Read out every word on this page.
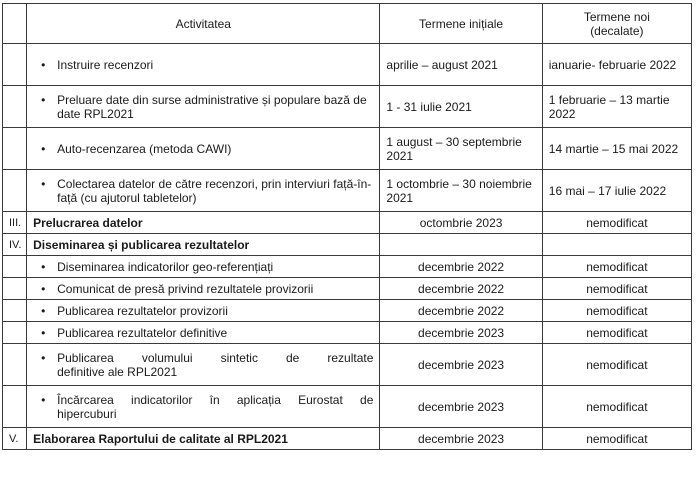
	Activitatea	Termene inițiale	Termene noi
(decalate)

	• Instruire recenzori	aprilie – august 2021	ianuarie- februarie 2022

	• Preluare date din surse administrative și populare bază de date RPL2021	1 - 31 iulie 2021	1 februarie – 13 martie 2022

	• Auto-recenzarea (metoda CAWI)	1 august – 30 septembrie 2021	14 martie – 15 mai 2022

	• Colectarea datelor de către recenzori, prin interviuri față-în-față (cu ajutorul tabletelor)	1 octombrie – 30 noiembrie 2021	16 mai – 17 iulie 2022
III.	Prelucrarea datelor	octombrie 2023	nemodificat
IV.	Diseminarea și publicarea rezultatelor		

	• Diseminarea indicatorilor geo-referențiați	decembrie 2022	nemodificat

	• Comunicat de presă privind rezultatele provizorii	decembrie 2022	nemodificat

	• Publicarea rezultatelor provizorii	decembrie 2022	nemodificat

	• Publicarea rezultatelor definitive	decembrie 2023	nemodificat

	• Publicarea volumului sintetic de rezultate
definitive ale RPL2021	decembrie 2023	nemodificat

	• Încărcarea indicatorilor în aplicația Eurostat de
hipercuburi	decembrie 2023	nemodificat
V.	Elaborarea Raportului de calitate al RPL2021	decembrie 2023	nemodificat
